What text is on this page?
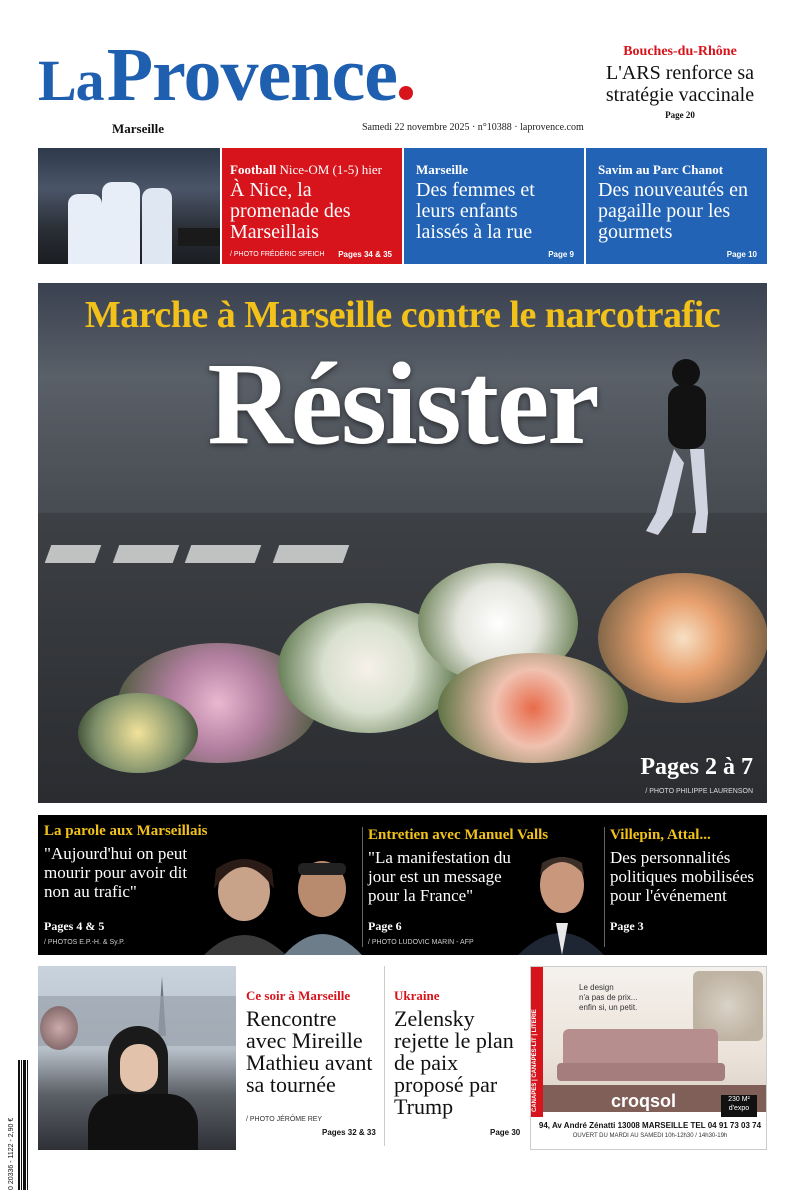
La Provence
Marseille	Samedi 22 novembre 2025 · n°10388 · laprovence.com
Bouches-du-Rhône
L'ARS renforce sa stratégie vaccinale
Page 20
Football Nice-OM (1-5) hier
À Nice, la promenade des Marseillais
/ PHOTO FRÉDÉRIC SPEICH Pages 34 & 35
Marseille
Des femmes et leurs enfants laissés à la rue
Page 9
Savim au Parc Chanot
Des nouveautés en pagaille pour les gourmets
Page 10
Marche à Marseille contre le narcotrafic
Résister
Pages 2 à 7
/ PHOTO PHILIPPE LAURENSON
La parole aux Marseillais
"Aujourd'hui on peut mourir pour avoir dit non au trafic"
Pages 4 & 5
/ PHOTOS E.P.-H. & Sy.P.
Entretien avec Manuel Valls
"La manifestation du jour est un message pour la France"
Page 6
/ PHOTO LUDOVIC MARIN - AFP
Villepin, Attal...
Des personnalités politiques mobilisées pour l'événement
Page 3
Ce soir à Marseille
Rencontre avec Mireille Mathieu avant sa tournée
/ PHOTO JÉRÔME REY
Pages 32 & 33
Ukraine
Zelensky rejette le plan de paix proposé par Trump
Page 30
CANAPÉS | CANAPÉS-LIT | LITERIE
Le design
n'a pas de prix...
enfin si, un petit.
croqsol	230 M² d'expo
94, Av André Zénatti 13008 MARSEILLE TEL 04 91 73 03 74
OUVERT DU MARDI AU SAMEDI 10h-12h30 / 14h30-19h
0 20336 - 1122 - 2,90 €
